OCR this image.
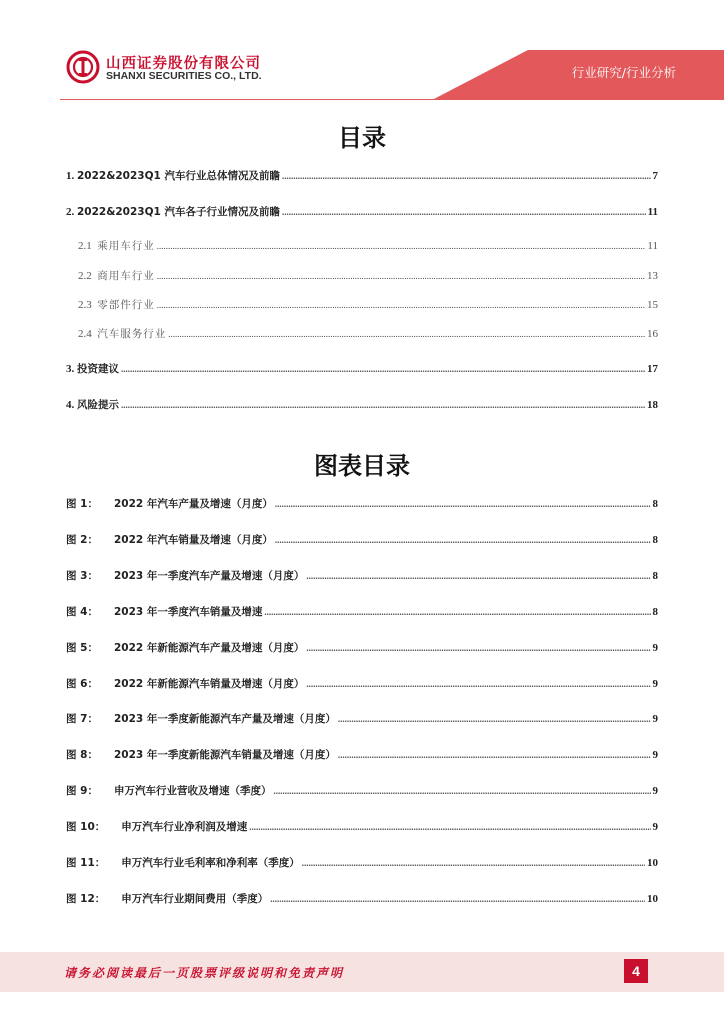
山西证券股份有限公司
SHANXI SECURITIES CO., LTD.	行业研究/行业分析
目录
1. 2022&2023Q1 汽车行业总体情况及前瞻 .....	7
2. 2022&2023Q1 汽车各子行业情况及前瞻 .....	11
2.1 乘用车行业 .....	11
2.2 商用车行业 .....	13
2.3 零部件行业 .....	15
2.4 汽车服务行业 .....	16
3. 投资建议 .....	17
4. 风险提示 .....	18
图表目录
图 1： 2022 年汽车产量及增速（月度） .....	8
图 2： 2022 年汽车销量及增速（月度） .....	8
图 3： 2023 年一季度汽车产量及增速（月度） .....	8
图 4： 2023 年一季度汽车销量及增速 .....	8
图 5： 2022 年新能源汽车产量及增速（月度） .....	9
图 6： 2022 年新能源汽车销量及增速（月度） .....	9
图 7： 2023 年一季度新能源汽车产量及增速（月度） .....	9
图 8： 2023 年一季度新能源汽车销量及增速（月度） .....	9
图 9： 申万汽车行业营收及增速（季度） .....	9
图 10： 申万汽车行业净利润及增速 .....	9
图 11： 申万汽车行业毛利率和净利率（季度） .....	10
图 12： 申万汽车行业期间费用（季度） .....	10
请务必阅读最后一页股票评级说明和免责声明	4
